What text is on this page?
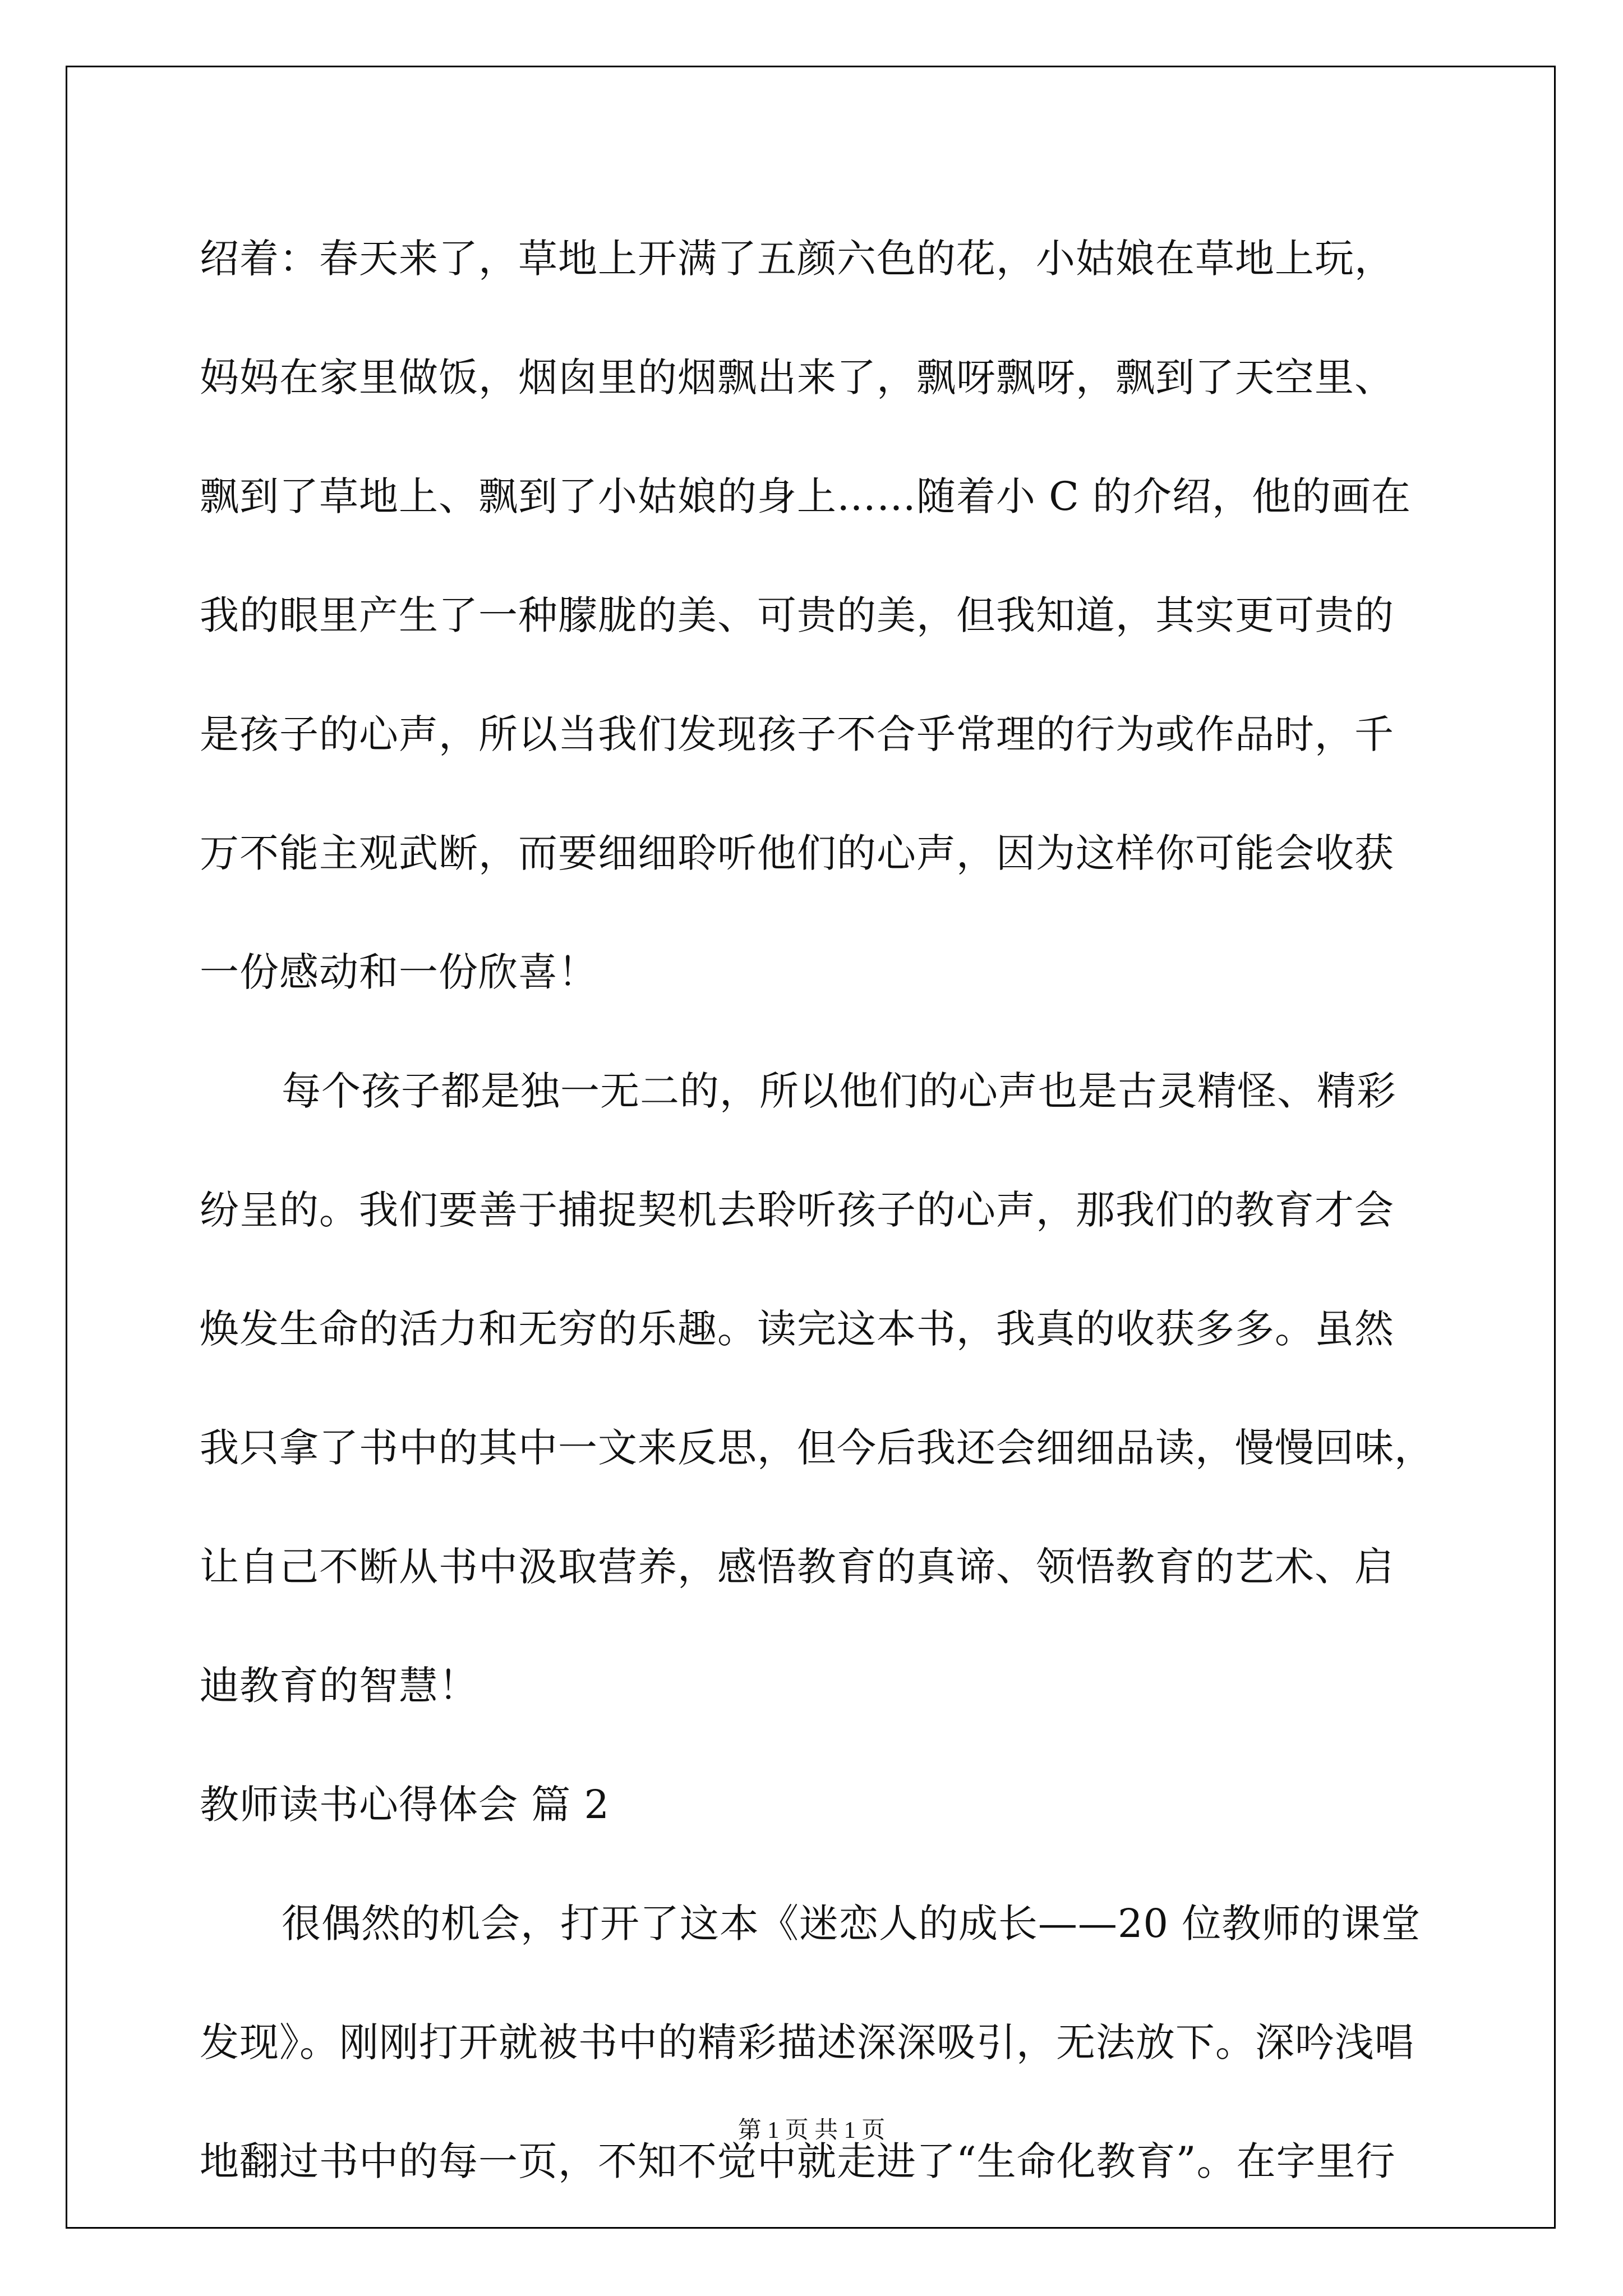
绍着：春天来了，草地上开满了五颜六色的花，小姑娘在草地上玩，
妈妈在家里做饭，烟囱里的烟飘出来了，飘呀飘呀，飘到了天空里、
飘到了草地上、飘到了小姑娘的身上……随着小 C 的介绍，他的画在
我的眼里产生了一种朦胧的美、可贵的美，但我知道，其实更可贵的
是孩子的心声，所以当我们发现孩子不合乎常理的行为或作品时，千
万不能主观武断，而要细细聆听他们的心声，因为这样你可能会收获
一份感动和一份欣喜！
每个孩子都是独一无二的，所以他们的心声也是古灵精怪、精彩
纷呈的。我们要善于捕捉契机去聆听孩子的心声，那我们的教育才会
焕发生命的活力和无穷的乐趣。读完这本书，我真的收获多多。虽然
我只拿了书中的其中一文来反思，但今后我还会细细品读，慢慢回味，
让自己不断从书中汲取营养，感悟教育的真谛、领悟教育的艺术、启
迪教育的智慧！
教师读书心得体会 篇 2
很偶然的机会，打开了这本《迷恋人的成长——20 位教师的课堂
发现》。刚刚打开就被书中的精彩描述深深吸引，无法放下。深吟浅唱
地翻过书中的每一页，不知不觉中就走进了“生命化教育”。在字里行
第 1 页 共 1 页
